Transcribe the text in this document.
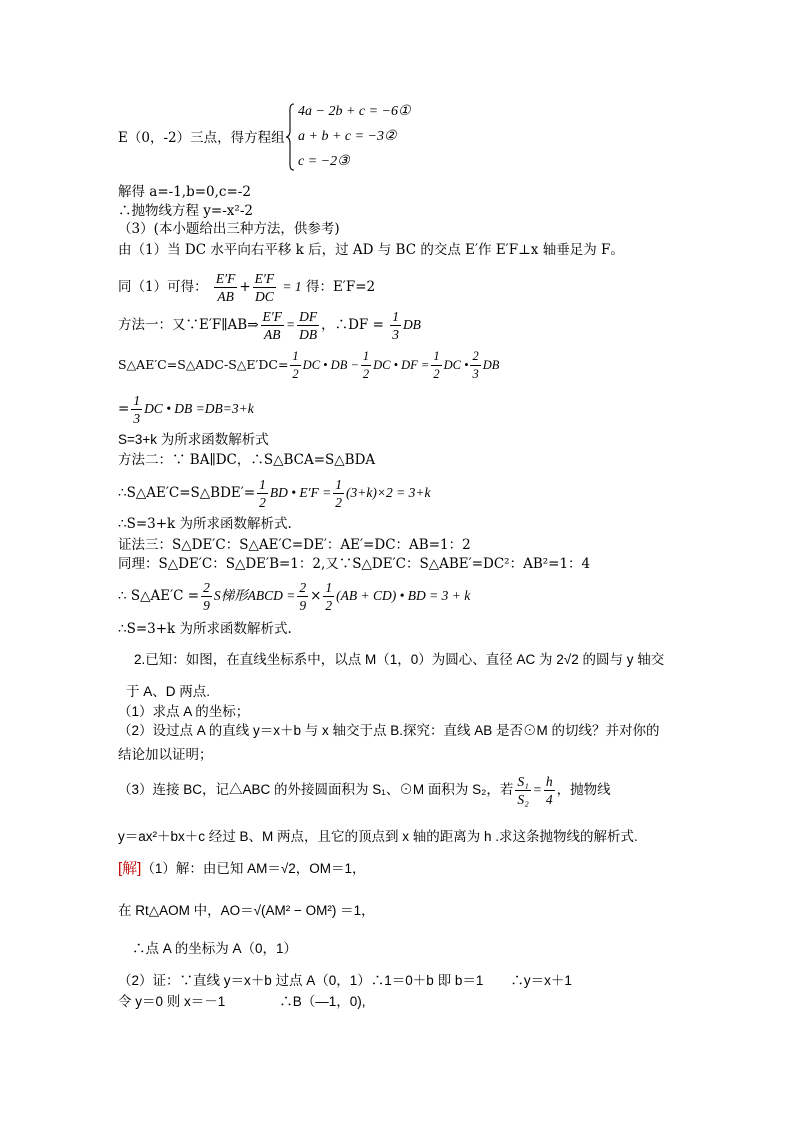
E（0，-2）三点，得方程组
4a − 2b + c = −6①
a + b + c = −3②
c = −2③
解得 a=-1,b=0,c=-2
∴抛物线方程 y=-x²-2
（3）(本小题给出三种方法，供参考)
由（1）当 DC 水平向右平移 k 后，过 AD 与 BC 的交点 E′作 E′F⊥x 轴垂足为 F。
同（1）可得： $\frac{E'F}{AB} + \frac{E'F}{DC} = 1$ 得：E′F=2
方法一：又∵E′F∥AB⇒ $\frac{E'F}{AB} = \frac{DF}{DB}$ ，∴DF = $\frac{1}{3}$ DB
S△AE′C=S△ADC-S△E′DC= $\frac{1}{2}$ DC • DB − $\frac{1}{2}$ DC • DF = $\frac{1}{2}$ DC • $\frac{2}{3}$ DB
= $\frac{1}{3}$ DC • DB =DB=3+k
S=3+k 为所求函数解析式
方法二：∵ BA∥DC，∴S△BCA=S△BDA
∴S△AE′C=S△BDE′= $\frac{1}{2}$ BD • $E'F = \frac{1}{2} (3+k)\times 2 = 3+k$
∴S=3+k 为所求函数解析式.
证法三：S△DE′C：S△AE′C=DE′：AE′=DC：AB=1：2
同理：S△DE′C：S△DE′B=1：2,又∵S△DE′C：S△ABE′=DC²：AB²=1：4
∴ S△AE′C = $\frac{2}{9}$ S梯形ABCD = $\frac{2}{9} \times \frac{1}{2} (AB + CD)$ • BD = 3 + k
∴S=3+k 为所求函数解析式.
2.已知：如图，在直线坐标系中，以点 M（1，0）为圆心、直径 AC 为 2√2 的圆与 y 轴交
于 A、D 两点.
（1）求点 A 的坐标；
（2）设过点 A 的直线 y＝x＋b 与 x 轴交于点 B.探究：直线 AB 是否⊙M 的切线？并对你的
结论加以证明；
（3）连接 BC，记△ABC 的外接圆面积为 S₁、⊙M 面积为 S₂，若 $\frac{\text{S₁}}{\text{S₂}} = \frac{h}{4}$ ，抛物线
y＝ax²＋bx＋c 经过 B、M 两点，且它的顶点到 x 轴的距离为 h .求这条抛物线的解析式.
[解]（1）解：由已知 AM＝√2，OM＝1，
在 Rt△AOM 中，AO＝√(AM² − OM²) ＝1，
∴点 A 的坐标为 A（0，1）
（2）证：∵直线 y＝x＋b 过点 A（0，1）∴1＝0＋b 即 b＝1　　∴y＝x＋1
令 y＝0 则 x＝－1　　　　∴B（—1，0),
